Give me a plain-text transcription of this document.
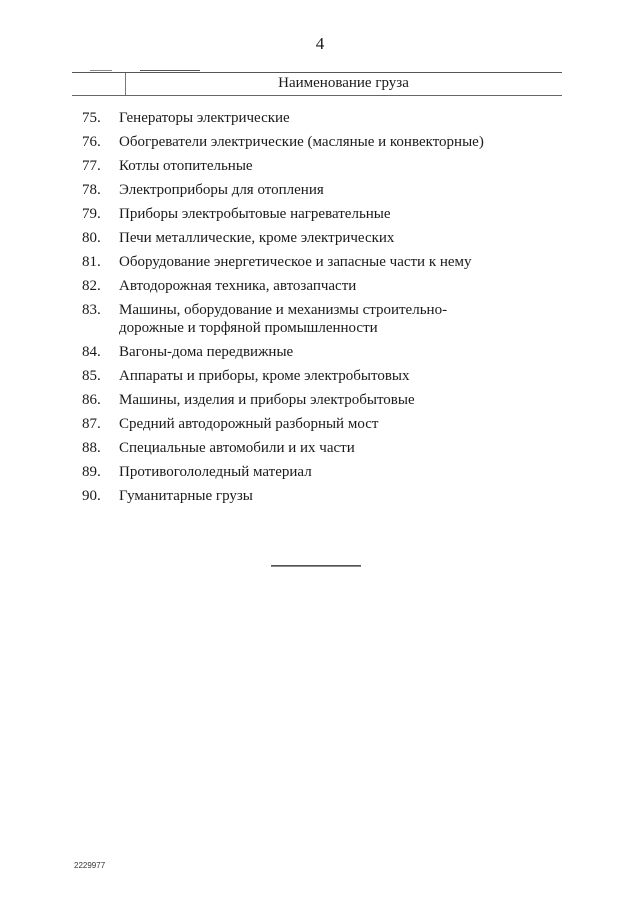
4
Наименование груза
75.	Генераторы электрические
76.	Обогреватели электрические (масляные и конвекторные)
77.	Котлы отопительные
78.	Электроприборы для отопления
79.	Приборы электробытовые нагревательные
80.	Печи металлические, кроме электрических
81.	Оборудование энергетическое и запасные части к нему
82.	Автодорожная техника, автозапчасти
83.	Машины, оборудование и механизмы строительно-дорожные и торфяной промышленности
84.	Вагоны-дома передвижные
85.	Аппараты и приборы, кроме электробытовых
86.	Машины, изделия и приборы электробытовые
87.	Средний автодорожный разборный мост
88.	Специальные автомобили и их части
89.	Противогололедный материал
90.	Гуманитарные грузы
2229977
